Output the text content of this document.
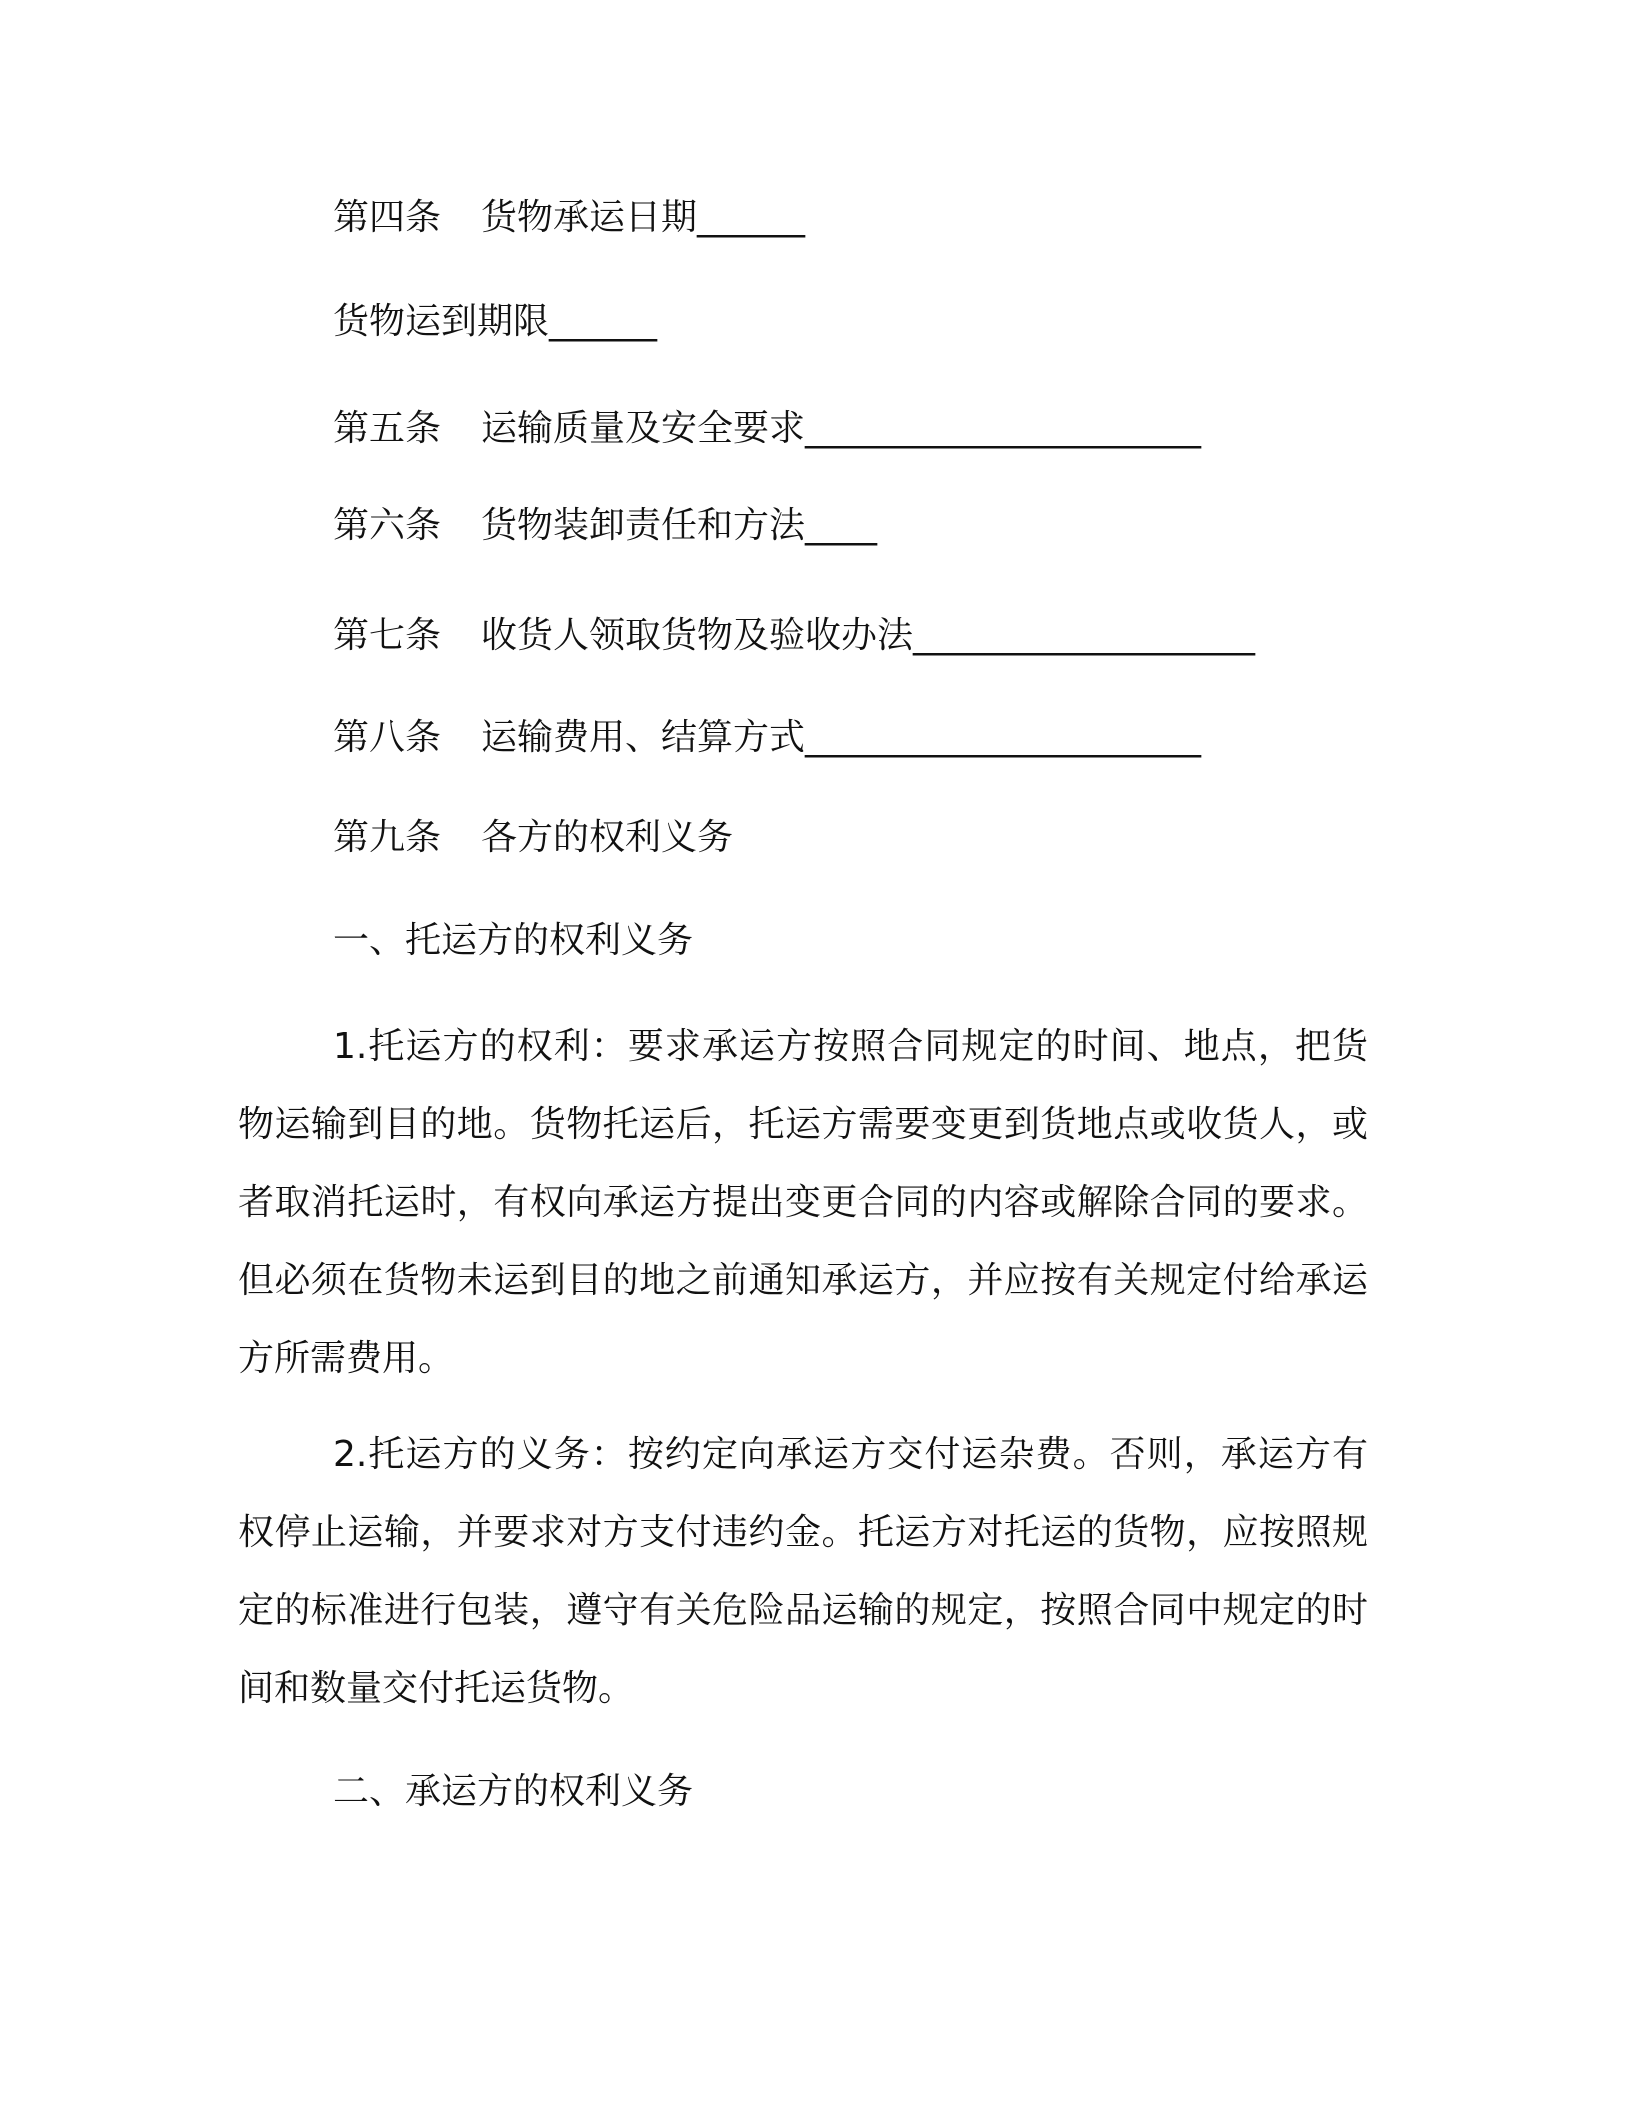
第四条 货物承运日期______
货物运到期限______
第五条 运输质量及安全要求______________________
第六条 货物装卸责任和方法____
第七条 收货人领取货物及验收办法___________________
第八条 运输费用、结算方式______________________
第九条 各方的权利义务
一、托运方的权利义务

1.托运方的权利：要求承运方按照合同规定的时间、地点，把货物运输到目的地。货物托运后，托运方需要变更到货地点或收货人，或者取消托运时，有权向承运方提出变更合同的内容或解除合同的要求。但必须在货物未运到目的地之前通知承运方，并应按有关规定付给承运方所需费用。

2.托运方的义务：按约定向承运方交付运杂费。否则，承运方有权停止运输，并要求对方支付违约金。托运方对托运的货物，应按照规定的标准进行包装，遵守有关危险品运输的规定，按照合同中规定的时间和数量交付托运货物。

二、承运方的权利义务
